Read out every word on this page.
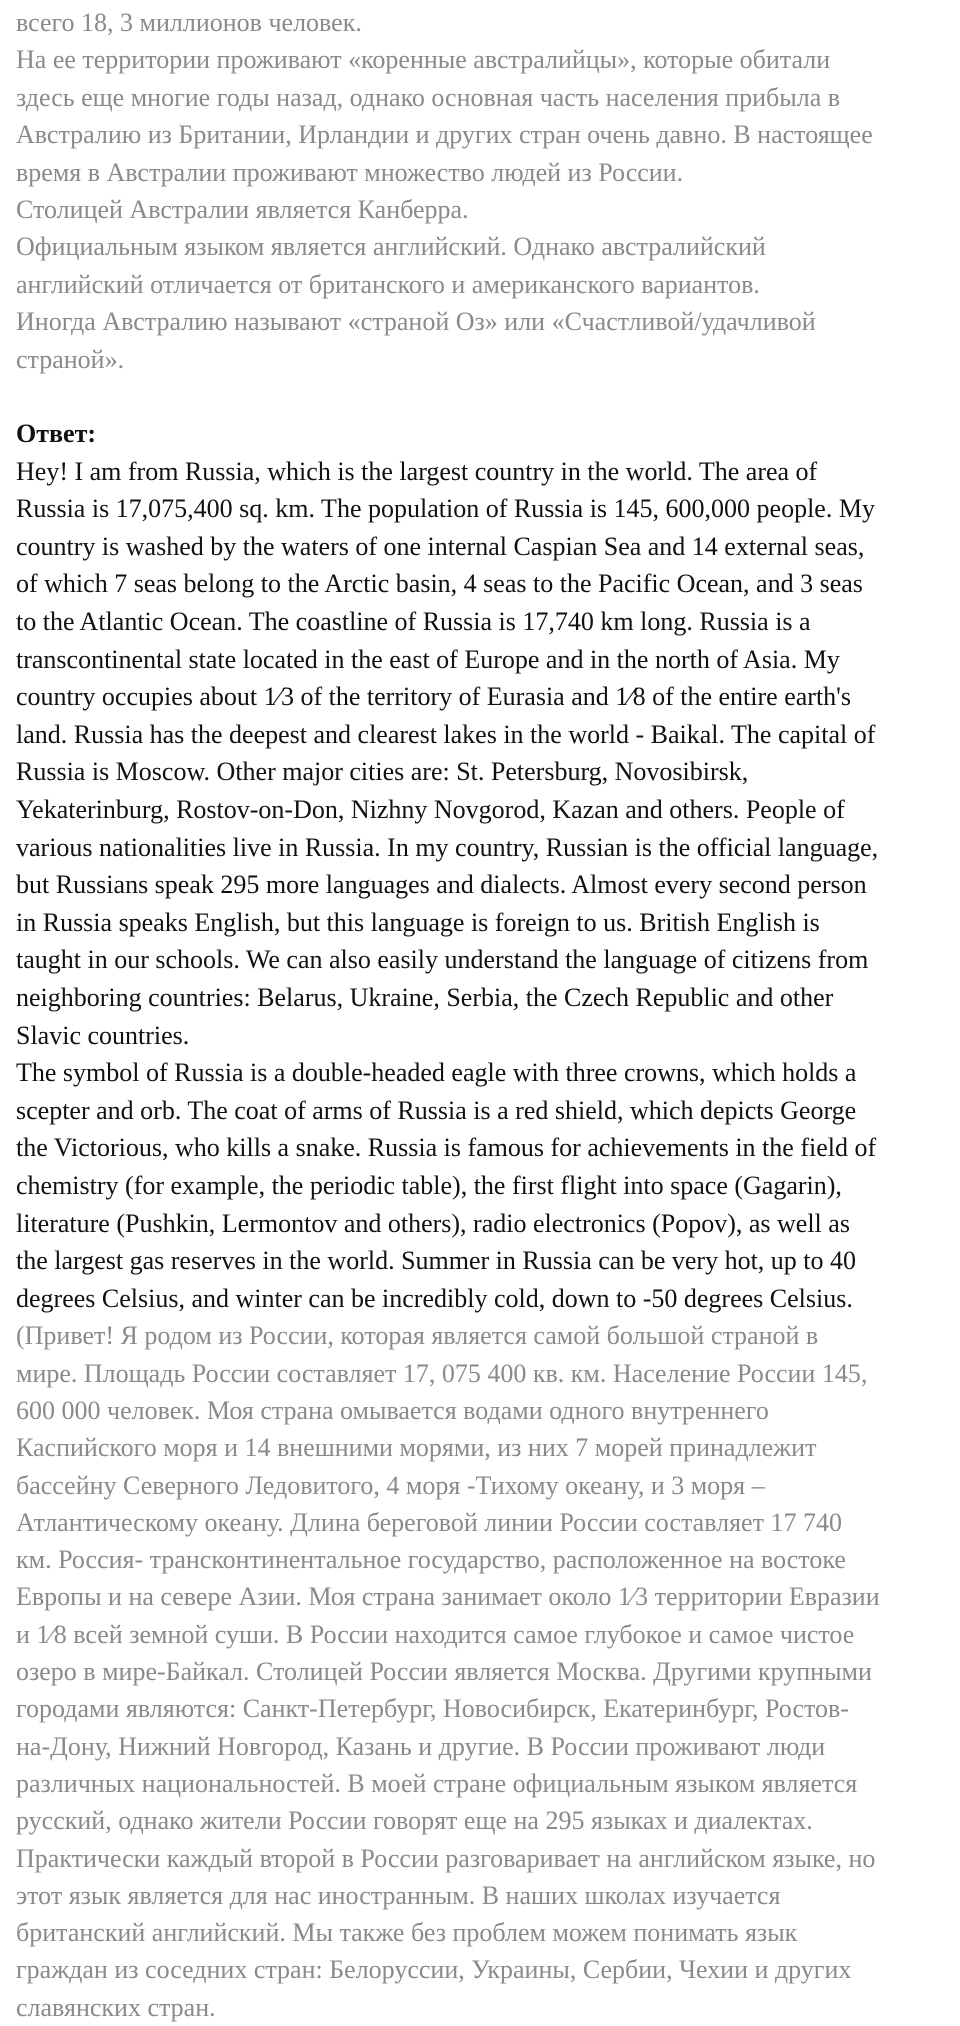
всего 18, 3 миллионов человек.
На ее территории проживают «коренные австралийцы», которые обитали
здесь еще многие годы назад, однако основная часть населения прибыла в
Австралию из Британии, Ирландии и других стран очень давно. В настоящее
время в Австралии проживают множество людей из России.
Столицей Австралии является Канберра.
Официальным языком является английский. Однако австралийский
английский отличается от британского и американского вариантов.
Иногда Австралию называют «страной Оз» или «Счастливой/удачливой
страной».
Ответ:
Hey! I am from Russia, which is the largest country in the world. The area of
Russia is 17,075,400 sq. km. The population of Russia is 145, 600,000 people. My
country is washed by the waters of one internal Caspian Sea and 14 external seas,
of which 7 seas belong to the Arctic basin, 4 seas to the Pacific Ocean, and 3 seas
to the Atlantic Ocean. The coastline of Russia is 17,740 km long. Russia is a
transcontinental state located in the east of Europe and in the north of Asia. My
country occupies about 1⁄3 of the territory of Eurasia and 1⁄8 of the entire earth's
land. Russia has the deepest and clearest lakes in the world - Baikal. The capital of
Russia is Moscow. Other major cities are: St. Petersburg, Novosibirsk,
Yekaterinburg, Rostov-on-Don, Nizhny Novgorod, Kazan and others. People of
various nationalities live in Russia. In my country, Russian is the official language,
but Russians speak 295 more languages and dialects. Almost every second person
in Russia speaks English, but this language is foreign to us. British English is
taught in our schools. We can also easily understand the language of citizens from
neighboring countries: Belarus, Ukraine, Serbia, the Czech Republic and other
Slavic countries.
The symbol of Russia is a double-headed eagle with three crowns, which holds a
scepter and orb. The coat of arms of Russia is a red shield, which depicts George
the Victorious, who kills a snake. Russia is famous for achievements in the field of
chemistry (for example, the periodic table), the first flight into space (Gagarin),
literature (Pushkin, Lermontov and others), radio electronics (Popov), as well as
the largest gas reserves in the world. Summer in Russia can be very hot, up to 40
degrees Celsius, and winter can be incredibly cold, down to -50 degrees Celsius.
(Привет! Я родом из России, которая является самой большой страной в
мире. Площадь России составляет 17, 075 400 кв. км. Население России 145,
600 000 человек. Моя страна омывается водами одного внутреннего
Каспийского моря и 14 внешними морями, из них 7 морей принадлежит
бассейну Северного Ледовитого, 4 моря -Тихому океану, и 3 моря –
Атлантическому океану. Длина береговой линии России составляет 17 740
км. Россия- трансконтинентальное государство, расположенное на востоке
Европы и на севере Азии. Моя страна занимает около 1⁄3 территории Евразии
и 1⁄8 всей земной суши. В России находится самое глубокое и самое чистое
озеро в мире-Байкал. Столицей России является Москва. Другими крупными
городами являются: Санкт-Петербург, Новосибирск, Екатеринбург, Ростов-
на-Дону, Нижний Новгород, Казань и другие. В России проживают люди
различных национальностей. В моей стране официальным языком является
русский, однако жители России говорят еще на 295 языках и диалектах.
Практически каждый второй в России разговаривает на английском языке, но
этот язык является для нас иностранным. В наших школах изучается
британский английский. Мы также без проблем можем понимать язык
граждан из соседних стран: Белоруссии, Украины, Сербии, Чехии и других
славянских стран.
